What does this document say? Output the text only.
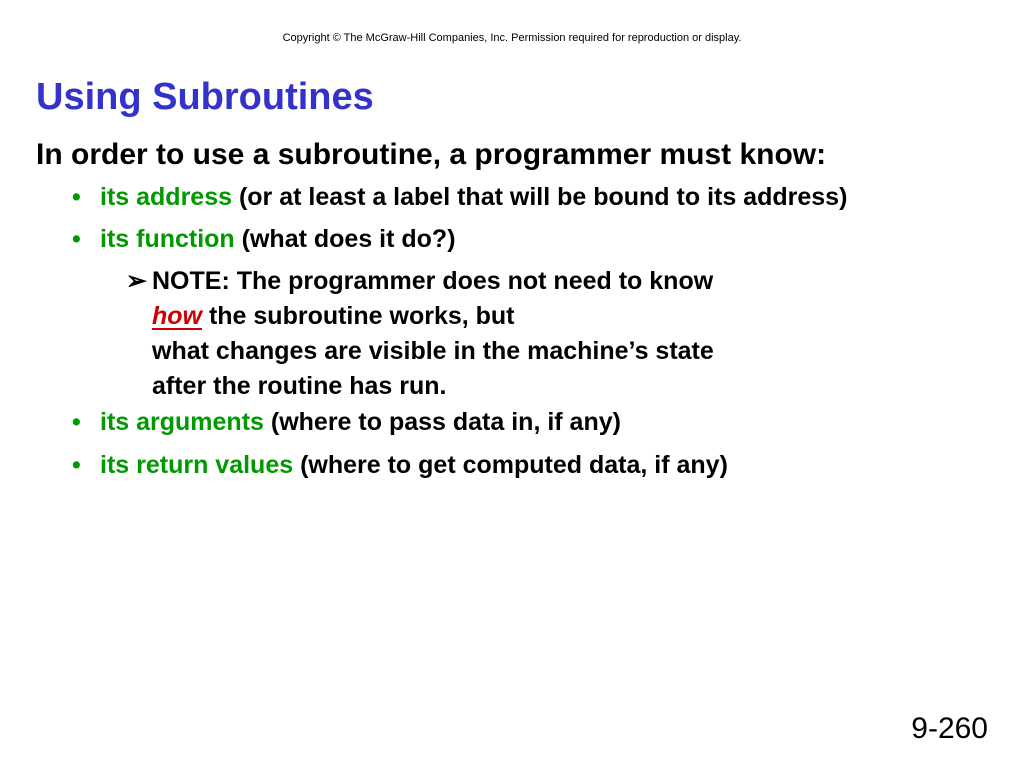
Copyright © The McGraw-Hill Companies, Inc. Permission required for reproduction or display.
Using Subroutines

In order to use a subroutine, a programmer must know:

• its address (or at least a label that will be bound to its address)
• its function (what does it do?)
➢ NOTE: The programmer does not need to know
how the subroutine works, but
what changes are visible in the machine’s state
after the routine has run.
• its arguments (where to pass data in, if any)
• its return values (where to get computed data, if any)
9-260
